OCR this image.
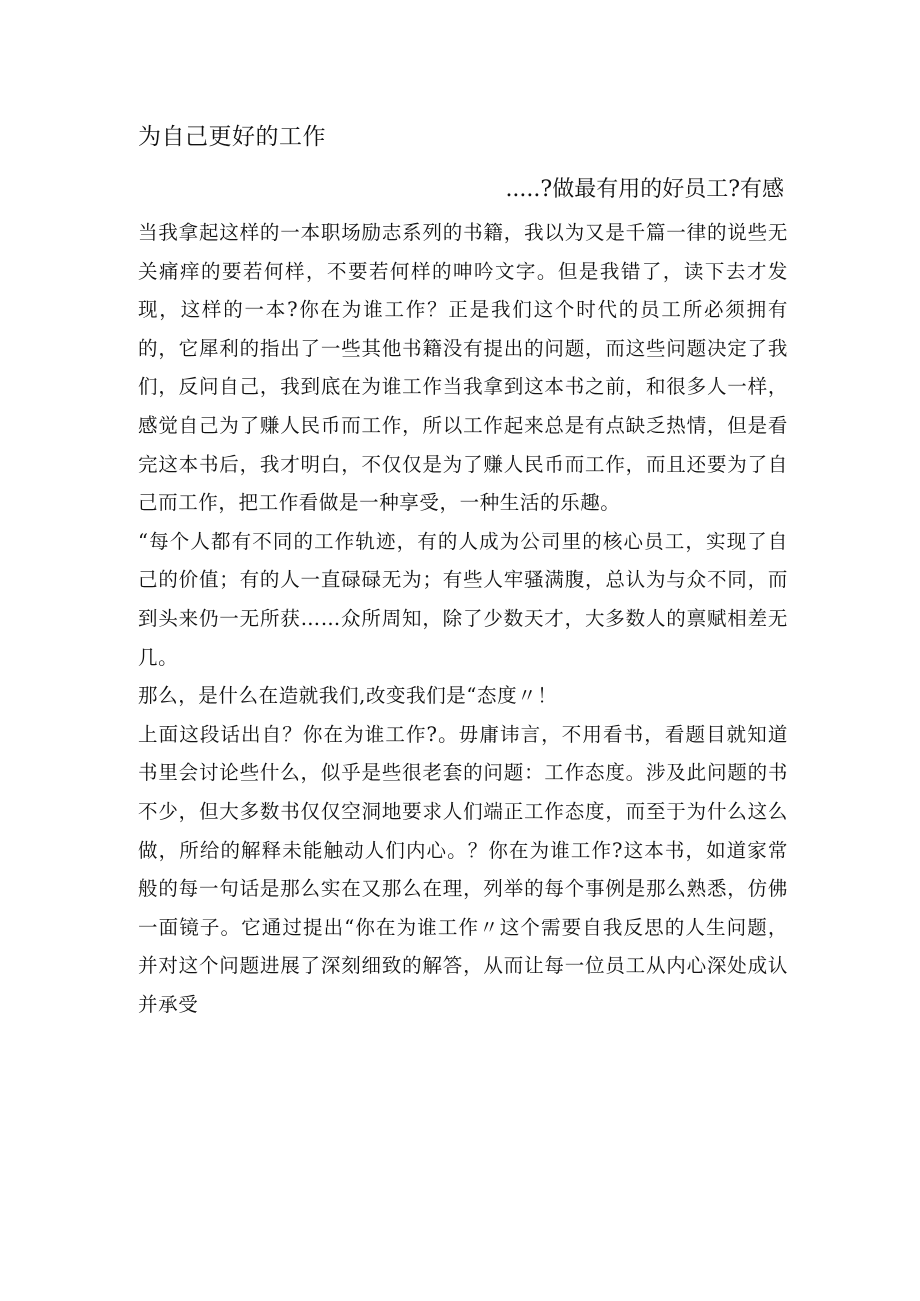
为自己更好的工作
.....?做最有用的好员工?有感

当我拿起这样的一本职场励志系列的书籍，我以为又是千篇一律的说些无关痛痒的要若何样，不要若何样的呻吟文字。但是我错了，读下去才发现，这样的一本?你在为谁工作？正是我们这个时代的员工所必须拥有的，它犀利的指出了一些其他书籍没有提出的问题，而这些问题决定了我们，反问自己，我到底在为谁工作当我拿到这本书之前，和很多人一样，感觉自己为了赚人民币而工作，所以工作起来总是有点缺乏热情，但是看完这本书后，我才明白，不仅仅是为了赚人民币而工作，而且还要为了自己而工作，把工作看做是一种享受，一种生活的乐趣。

“每个人都有不同的工作轨迹，有的人成为公司里的核心员工，实现了自己的价值；有的人一直碌碌无为；有些人牢骚满腹，总认为与众不同，而到头来仍一无所获……众所周知，除了少数天才，大多数人的禀赋相差无几。

那么，是什么在造就我们,改变我们是“态度〃！

上面这段话出自？你在为谁工作?。毋庸讳言，不用看书，看题目就知道书里会讨论些什么，似乎是些很老套的问题：工作态度。涉及此问题的书不少，但大多数书仅仅空洞地要求人们端正工作态度，而至于为什么这么做，所给的解释未能触动人们内心。？你在为谁工作?这本书，如道家常般的每一句话是那么实在又那么在理，列举的每个事例是那么熟悉，仿佛一面镜子。它通过提出“你在为谁工作〃这个需要自我反思的人生问题，并对这个问题进展了深刻细致的解答，从而让每一位员工从内心深处成认并承受
